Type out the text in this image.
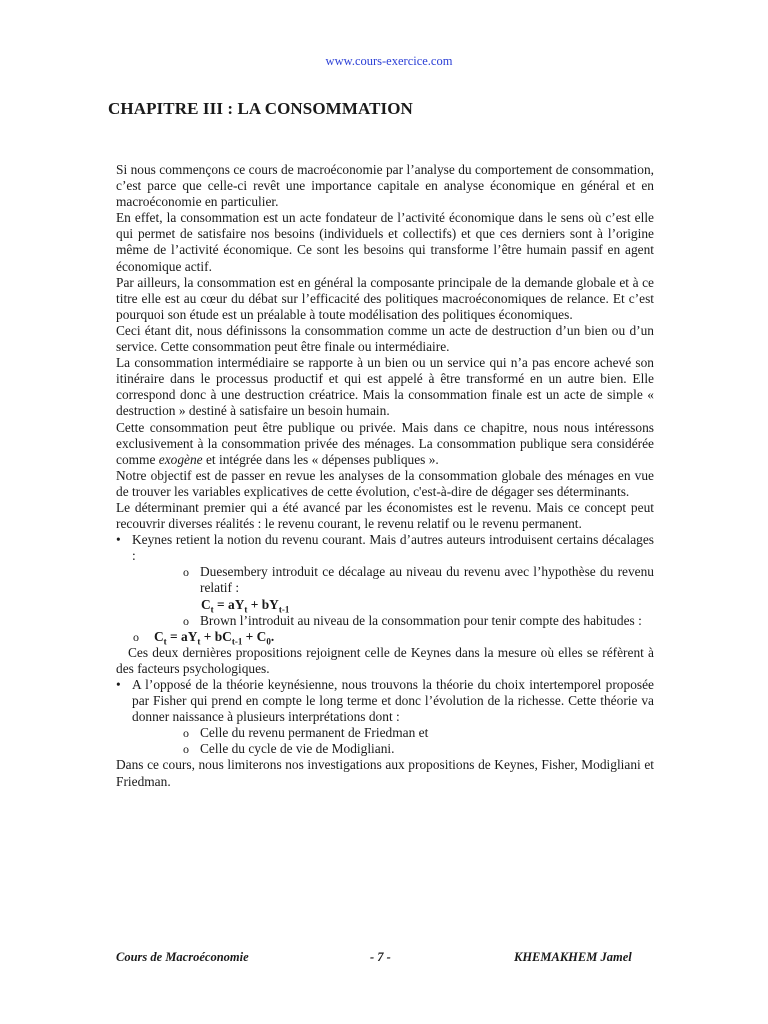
www.cours-exercice.com
CHAPITRE III : LA CONSOMMATION

Si nous commençons ce cours de macroéconomie par l’analyse du comportement de consommation, c’est parce que celle-ci revêt une importance capitale en analyse économique en général et en macroéconomie en particulier.

En effet, la consommation est un acte fondateur de l’activité économique dans le sens où c’est elle qui permet de satisfaire nos besoins (individuels et collectifs) et que ces derniers sont à l’origine même de l’activité économique. Ce sont les besoins qui transforme l’être humain passif en agent économique actif.

Par ailleurs, la consommation est en général la composante principale de la demande globale et à ce titre elle est au cœur du débat sur l’efficacité des politiques macroéconomiques de relance. Et c’est pourquoi son étude est un préalable à toute modélisation des politiques économiques.

Ceci étant dit, nous définissons la consommation comme un acte de destruction d’un bien ou d’un service. Cette consommation peut être finale ou intermédiaire.

La consommation intermédiaire se rapporte à un bien ou un service qui n’a pas encore achevé son itinéraire dans le processus productif et qui est appelé à être transformé en un autre bien. Elle correspond donc à une destruction créatrice. Mais la consommation finale est un acte de simple « destruction » destiné à satisfaire un besoin humain.

Cette consommation peut être publique ou privée. Mais dans ce chapitre, nous nous intéressons exclusivement à la consommation privée des ménages. La consommation publique sera considérée comme exogène et intégrée dans les « dépenses publiques ».

Notre objectif est de passer en revue les analyses de la consommation globale des ménages en vue de trouver les variables explicatives de cette évolution, c'est-à-dire de dégager ses déterminants.

Le déterminant premier qui a été avancé par les économistes est le revenu. Mais ce concept peut recouvrir diverses réalités : le revenu courant, le revenu relatif ou le revenu permanent.

• Keynes retient la notion du revenu courant. Mais d’autres auteurs introduisent certains décalages :
o Duesembery introduit ce décalage au niveau du revenu avec l’hypothèse du revenu relatif :

$C_t = aY_t + bY_{t-1}$

o Brown l’introduit au niveau de la consommation pour tenir compte des habitudes :
o $C_t = aY_t + bC_{t-1} + C_0$.

Ces deux dernières propositions rejoignent celle de Keynes dans la mesure où elles se réfèrent à des facteurs psychologiques.

• A l’opposé de la théorie keynésienne, nous trouvons la théorie du choix intertemporel proposée par Fisher qui prend en compte le long terme et donc l’évolution de la richesse. Cette théorie va donner naissance à plusieurs interprétations dont :
o Celle du revenu permanent de Friedman et
o Celle du cycle de vie de Modigliani.

Dans ce cours, nous limiterons nos investigations aux propositions de Keynes, Fisher, Modigliani et Friedman.

Cours de Macroéconomie	- 7 -	KHEMAKHEM Jamel
